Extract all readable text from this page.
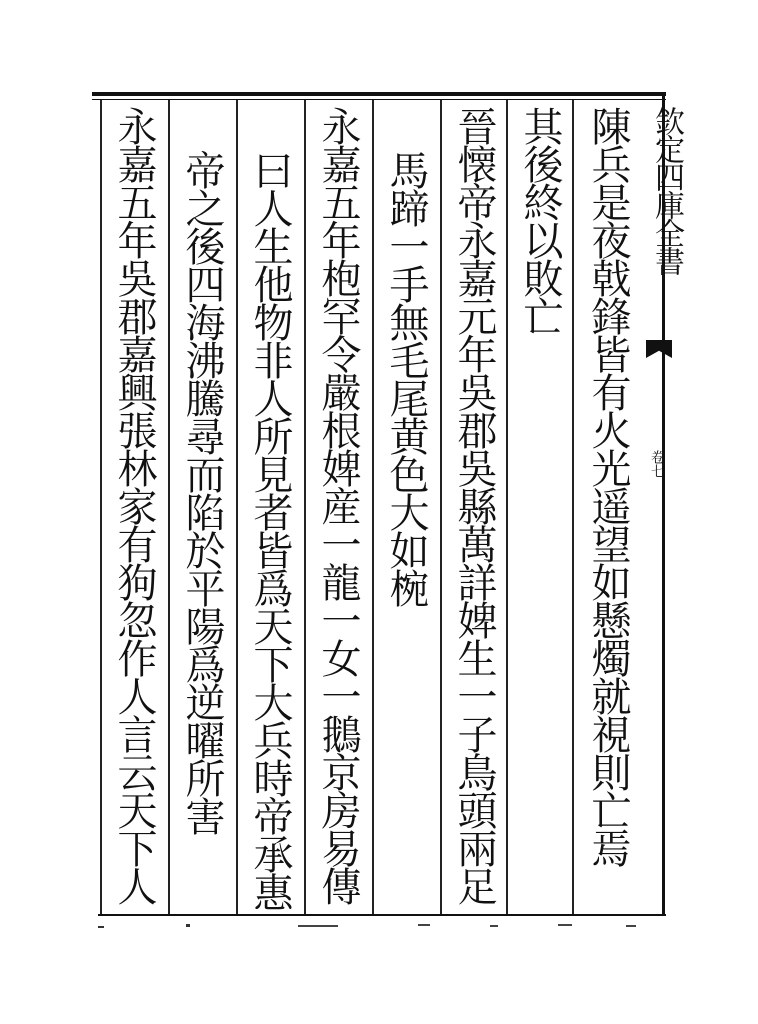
欽定四庫全書
卷七
陳兵是夜戟鋒皆有火光遥望如懸燭就視則亡焉
其後終以敗亡
晉懐帝永嘉元年吳郡吳縣萬詳婢生一子鳥頭兩足
馬蹄一手無毛尾黄色大如椀
永嘉五年枹罕令嚴根婢産一龍一女一鵝京房易傳
曰人生他物非人所見者皆爲天下大兵時帝承惠
帝之後四海沸騰尋而陷於平陽爲逆曜所害
永嘉五年吳郡嘉興張林家有狗忽作人言云天下人
